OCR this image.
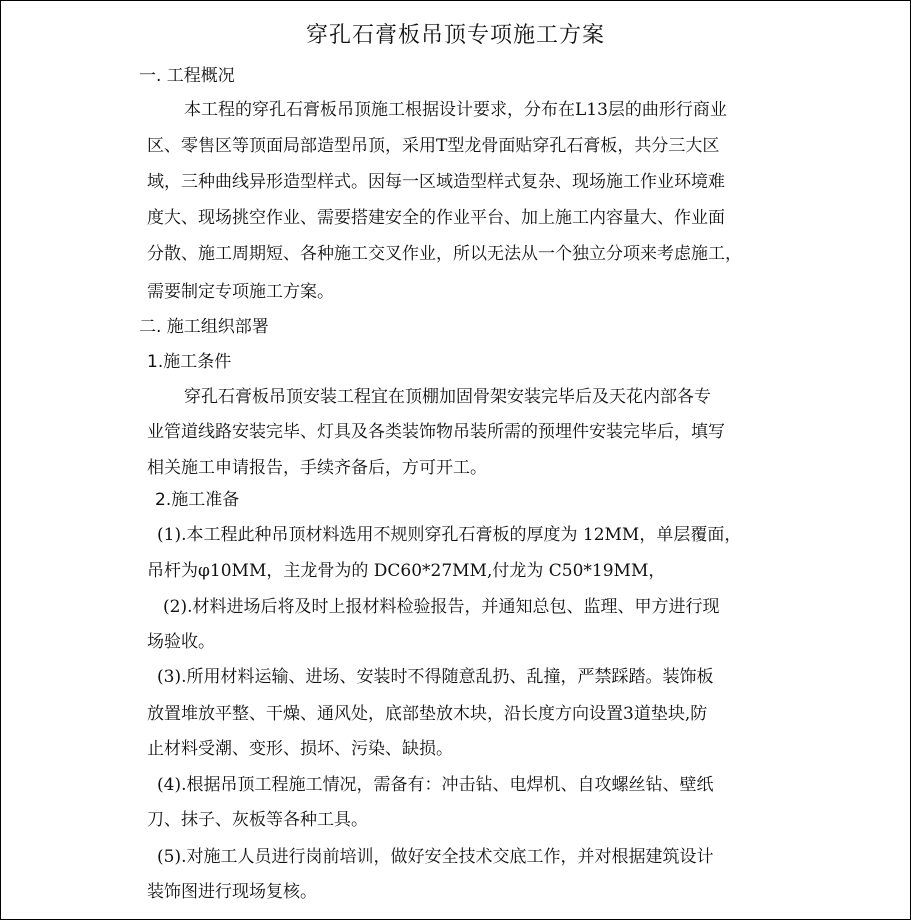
穿孔石膏板吊顶专项施工方案
一. 工程概况
本工程的穿孔石膏板吊顶施工根据设计要求，分布在L13层的曲形行商业
区、零售区等顶面局部造型吊顶，采用T型龙骨面贴穿孔石膏板，共分三大区
域，三种曲线异形造型样式。因每一区域造型样式复杂、现场施工作业环境难
度大、现场挑空作业、需要搭建安全的作业平台、加上施工内容量大、作业面
分散、施工周期短、各种施工交叉作业，所以无法从一个独立分项来考虑施工，
需要制定专项施工方案。
二. 施工组织部署
1.施工条件
穿孔石膏板吊顶安装工程宜在顶棚加固骨架安装完毕后及天花内部各专
业管道线路安装完毕、灯具及各类装饰物吊装所需的预埋件安装完毕后，填写
相关施工申请报告，手续齐备后，方可开工。
2.施工准备
(1).本工程此种吊顶材料选用不规则穿孔石膏板的厚度为 12MM，单层覆面，
吊杆为φ10MM，主龙骨为的 DC60*27MM,付龙为 C50*19MM，
(2).材料进场后将及时上报材料检验报告，并通知总包、监理、甲方进行现
场验收。
(3).所用材料运输、进场、安装时不得随意乱扔、乱撞，严禁踩踏。装饰板
放置堆放平整、干燥、通风处，底部垫放木块，沿长度方向设置3道垫块,防
止材料受潮、变形、损坏、污染、缺损。
(4).根据吊顶工程施工情况，需备有：冲击钻、电焊机、自攻螺丝钻、壁纸
刀、抹子、灰板等各种工具。
(5).对施工人员进行岗前培训，做好安全技术交底工作，并对根据建筑设计
装饰图进行现场复核。
